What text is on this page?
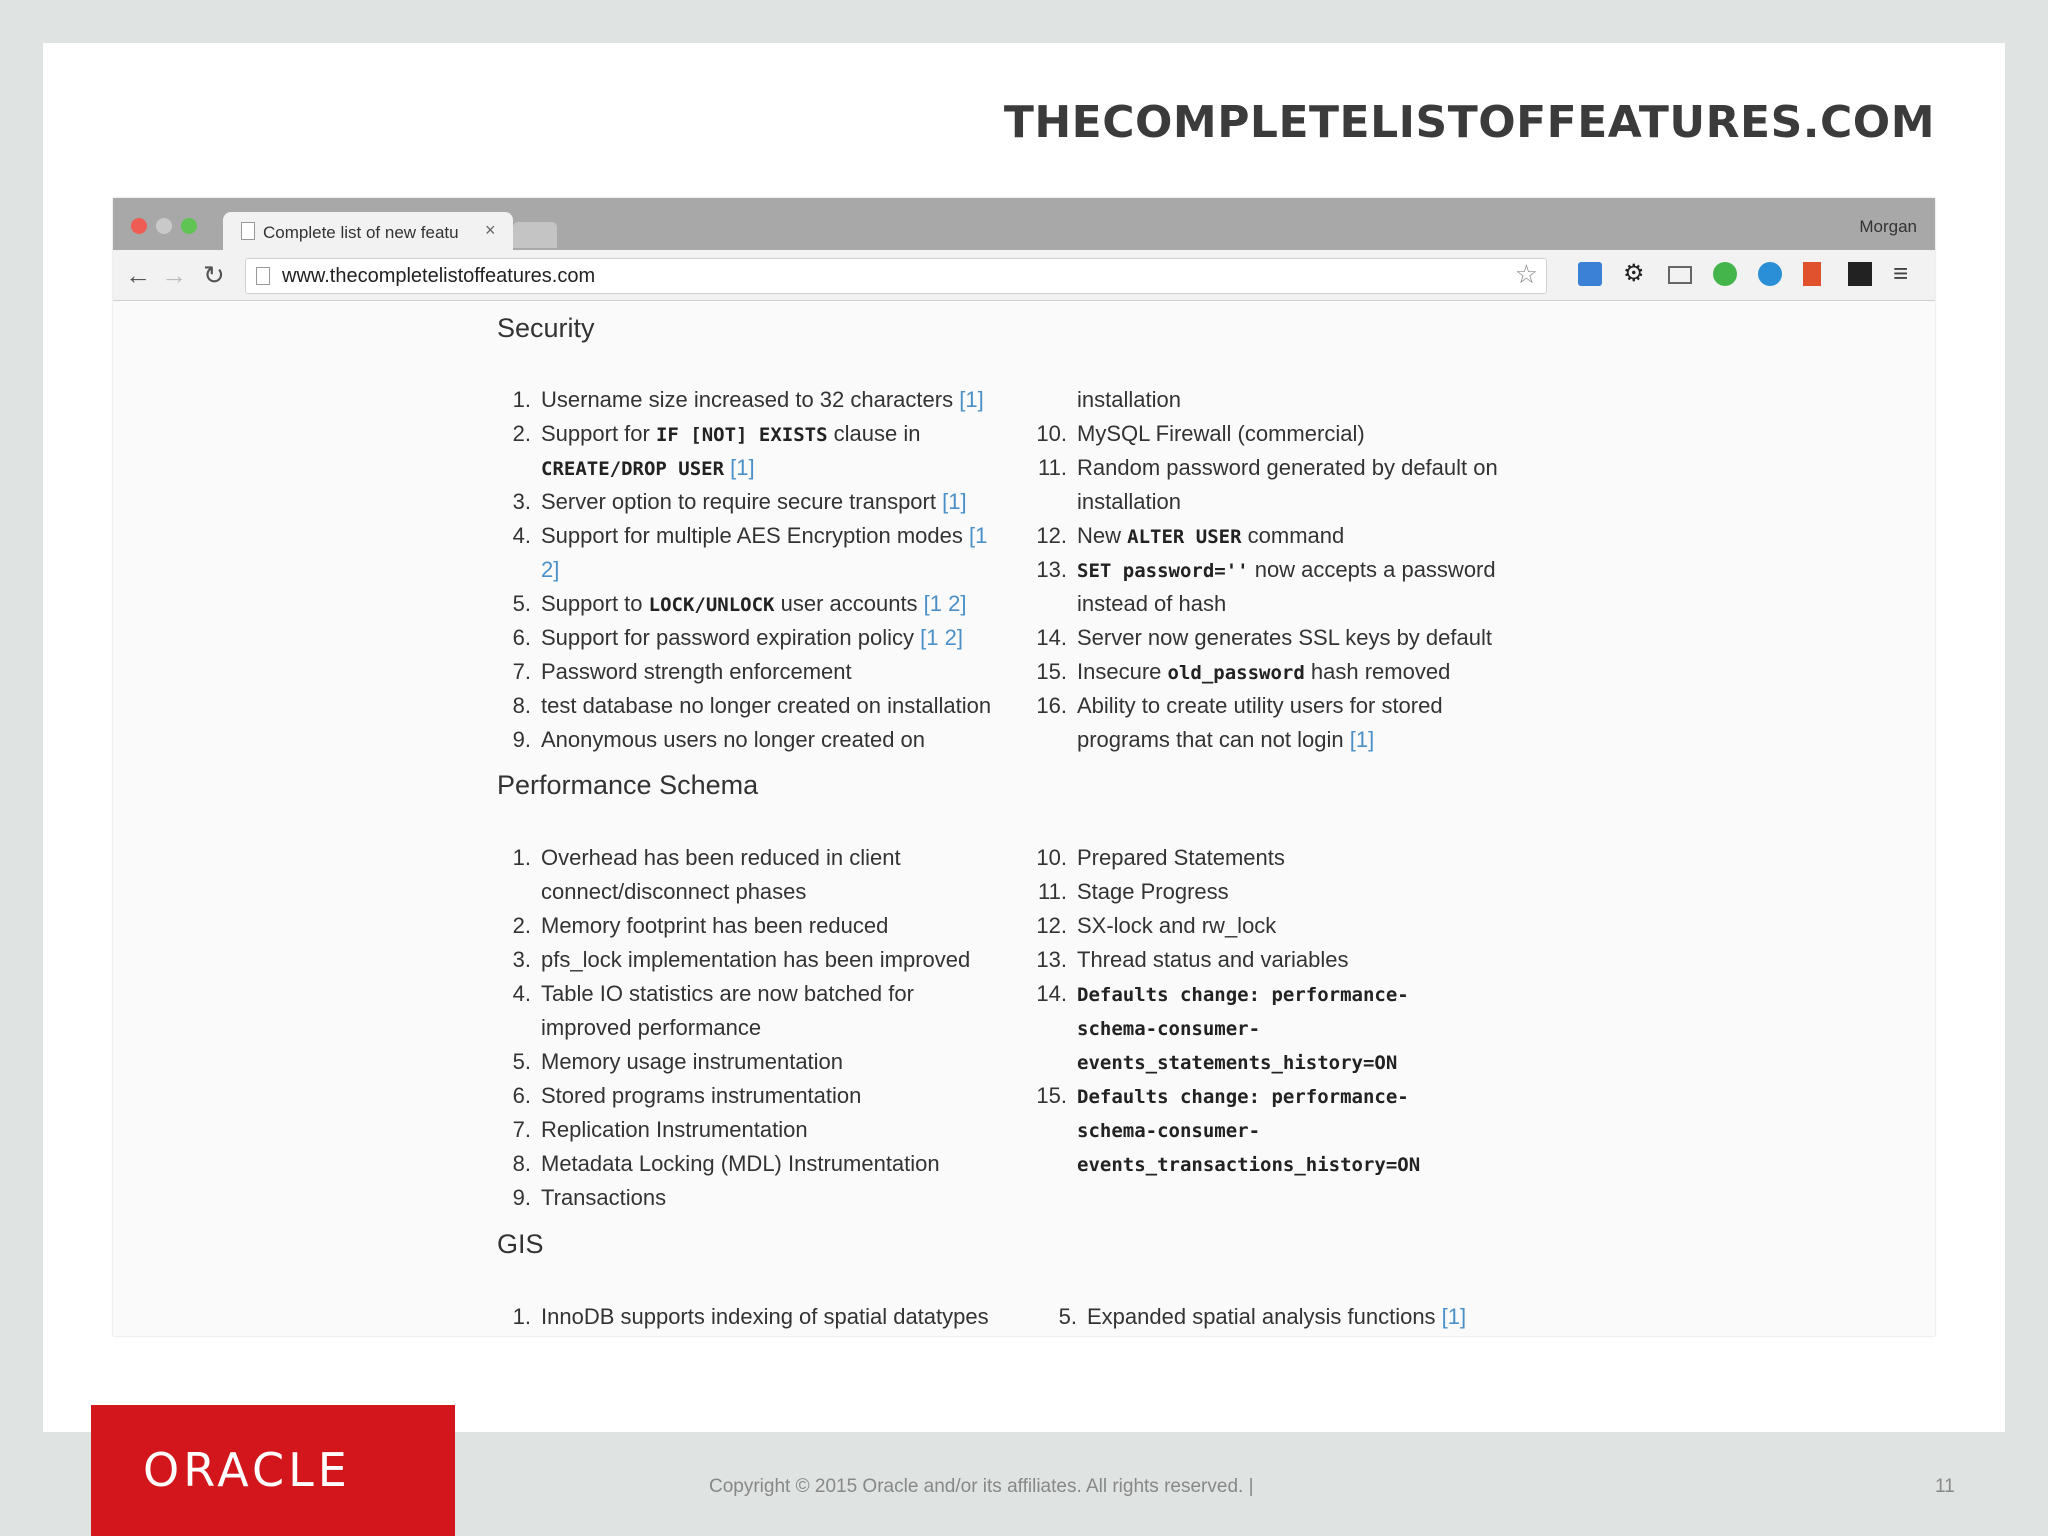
THECOMPLETELISTOFFEATURES.COM
Complete list of new featu	×	Morgan
← → ↻	www.thecompletelistoffeatures.com	☆	⚙	≡
Security
1. Username size increased to 32 characters [1]
2. Support for IF [NOT] EXISTS clause in
CREATE/DROP USER [1]
3. Server option to require secure transport [1]
4. Support for multiple AES Encryption modes [1
2]
5. Support to LOCK/UNLOCK user accounts [1 2]
6. Support for password expiration policy [1 2]
7. Password strength enforcement
8. test database no longer created on installation
9. Anonymous users no longer created on
installation
10. MySQL Firewall (commercial)
11. Random password generated by default on
installation
12. New ALTER USER command
13. SET password='' now accepts a password
instead of hash
14. Server now generates SSL keys by default
15. Insecure old_password hash removed
16. Ability to create utility users for stored
programs that can not login [1]
Performance Schema
1. Overhead has been reduced in client
connect/disconnect phases
2. Memory footprint has been reduced
3. pfs_lock implementation has been improved
4. Table IO statistics are now batched for
improved performance
5. Memory usage instrumentation
6. Stored programs instrumentation
7. Replication Instrumentation
8. Metadata Locking (MDL) Instrumentation
9. Transactions
10. Prepared Statements
11. Stage Progress
12. SX-lock and rw_lock
13. Thread status and variables
14. Defaults change: performance-
schema-consumer-
events_statements_history=ON
15. Defaults change: performance-
schema-consumer-
events_transactions_history=ON
GIS
1. InnoDB supports indexing of spatial datatypes	5. Expanded spatial analysis functions [1]
ORACLE	Copyright © 2015 Oracle and/or its affiliates. All rights reserved. |	11
